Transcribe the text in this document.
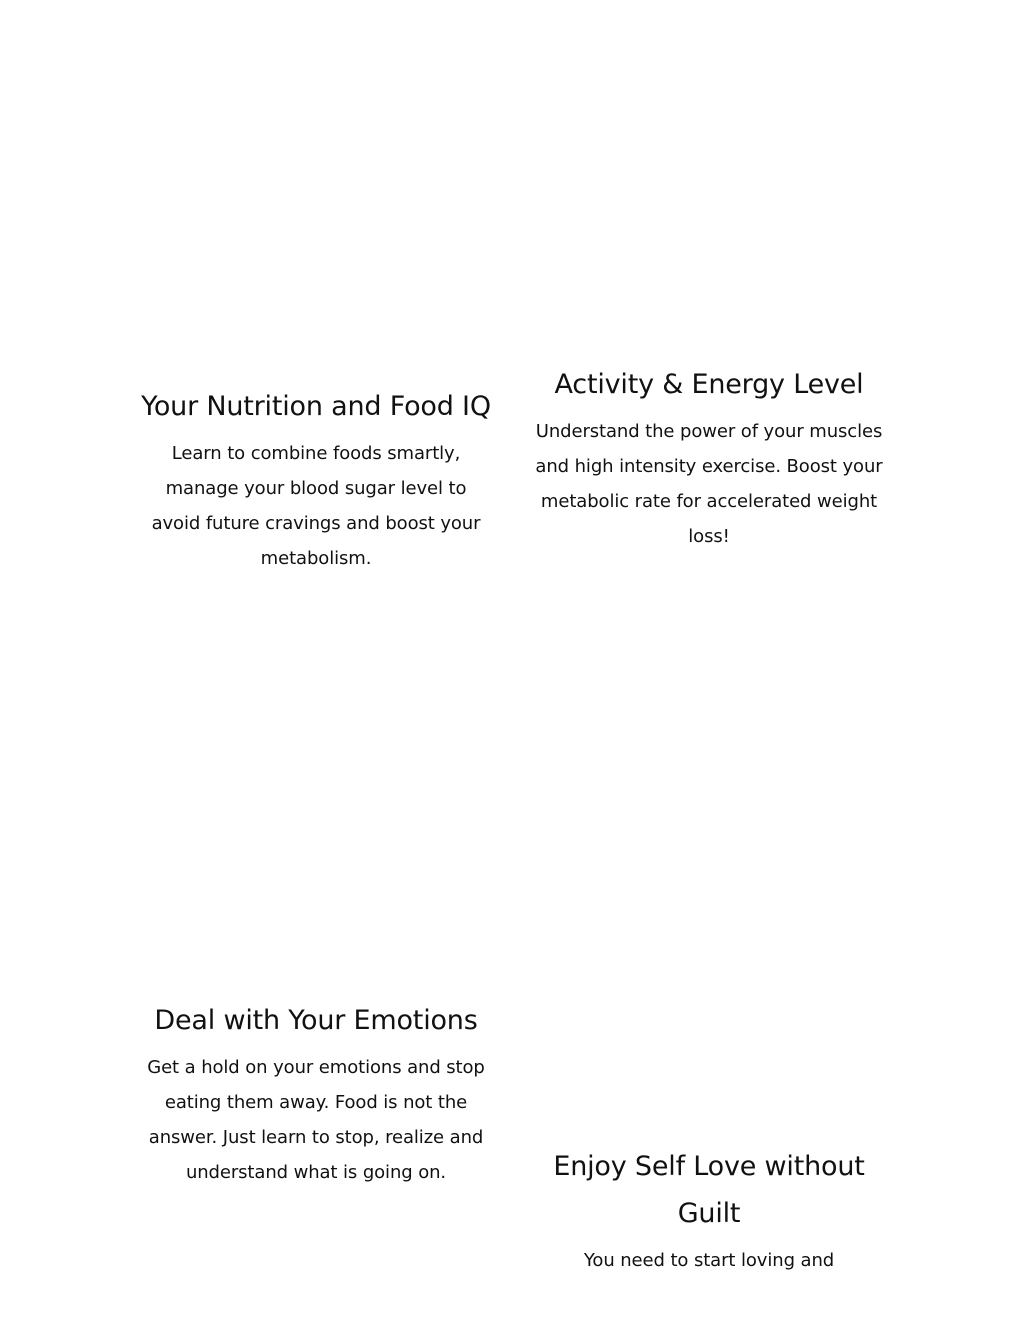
Your Nutrition and Food IQ

Learn to combine foods smartly, manage your blood sugar level to avoid future cravings and boost your metabolism.

Activity & Energy Level

Understand the power of your muscles and high intensity exercise. Boost your metabolic rate for accelerated weight loss!

Deal with Your Emotions

Get a hold on your emotions and stop eating them away. Food is not the answer. Just learn to stop, realize and understand what is going on.	Enjoy Self Love without Guilt

You need to start loving and
